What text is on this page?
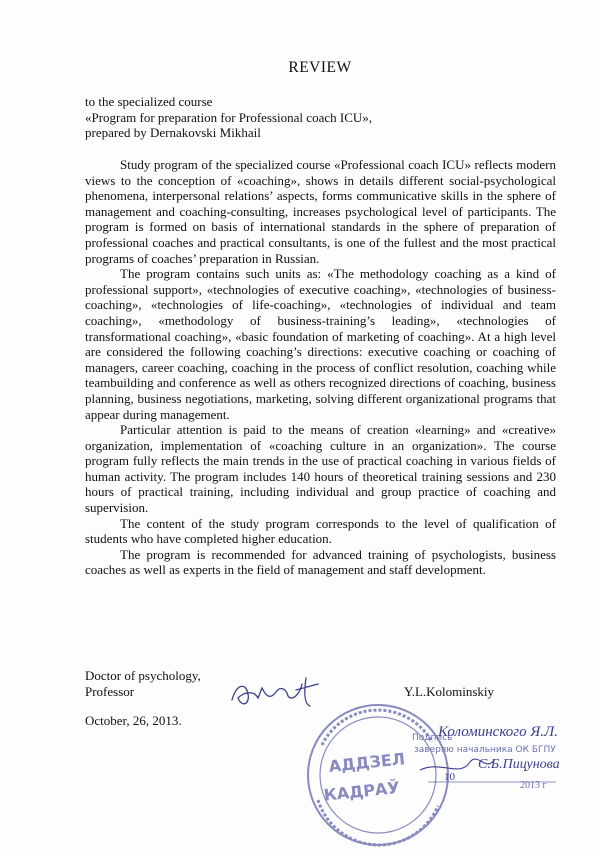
REVIEW
to the specialized course
«Program for preparation for Professional coach ICU»,
prepared by Dernakovski Mikhail

Study program of the specialized course «Professional coach ICU» reflects modern views to the conception of «coaching», shows in details different social-psychological phenomena, interpersonal relations’ aspects, forms communicative skills in the sphere of management and coaching-consulting, increases psychological level of participants. The program is formed on basis of international standards in the sphere of preparation of professional coaches and practical consultants, is one of the fullest and the most practical programs of coaches’ preparation in Russian.

The program contains such units as: «The methodology coaching as a kind of professional support», «technologies of executive coaching», «technologies of business-coaching», «technologies of life-coaching», «technologies of individual and team coaching», «methodology of business-training’s leading», «technologies of transformational coaching», «basic foundation of marketing of coaching». At a high level are considered the following coaching’s directions: executive coaching or coaching of managers, career coaching, coaching in the process of conflict resolution, coaching while teambuilding and conference as well as others recognized directions of coaching, business planning, business negotiations, marketing, solving different organizational programs that appear during management.

Particular attention is paid to the means of creation «learning» and «creative» organization, implementation of «coaching culture in an organization». The course program fully reflects the main trends in the use of practical coaching in various fields of human activity. The program includes 140 hours of theoretical training sessions and 230 hours of practical training, including individual and group practice of coaching and supervision.

The content of the study program corresponds to the level of qualification of students who have completed higher education.

The program is recommended for advanced training of psychologists, business coaches as well as experts in the field of management and staff development.

Doctor of psychology,
Professor	Y.L.Kolominskiy
October, 26, 2013.
АДДЗЕЛ
КАДРАЎ
Подпись
Коломинского Я.Л.
заверяю начальника ОК БГПУ
С.Б.Пицунова
10
2013 г
